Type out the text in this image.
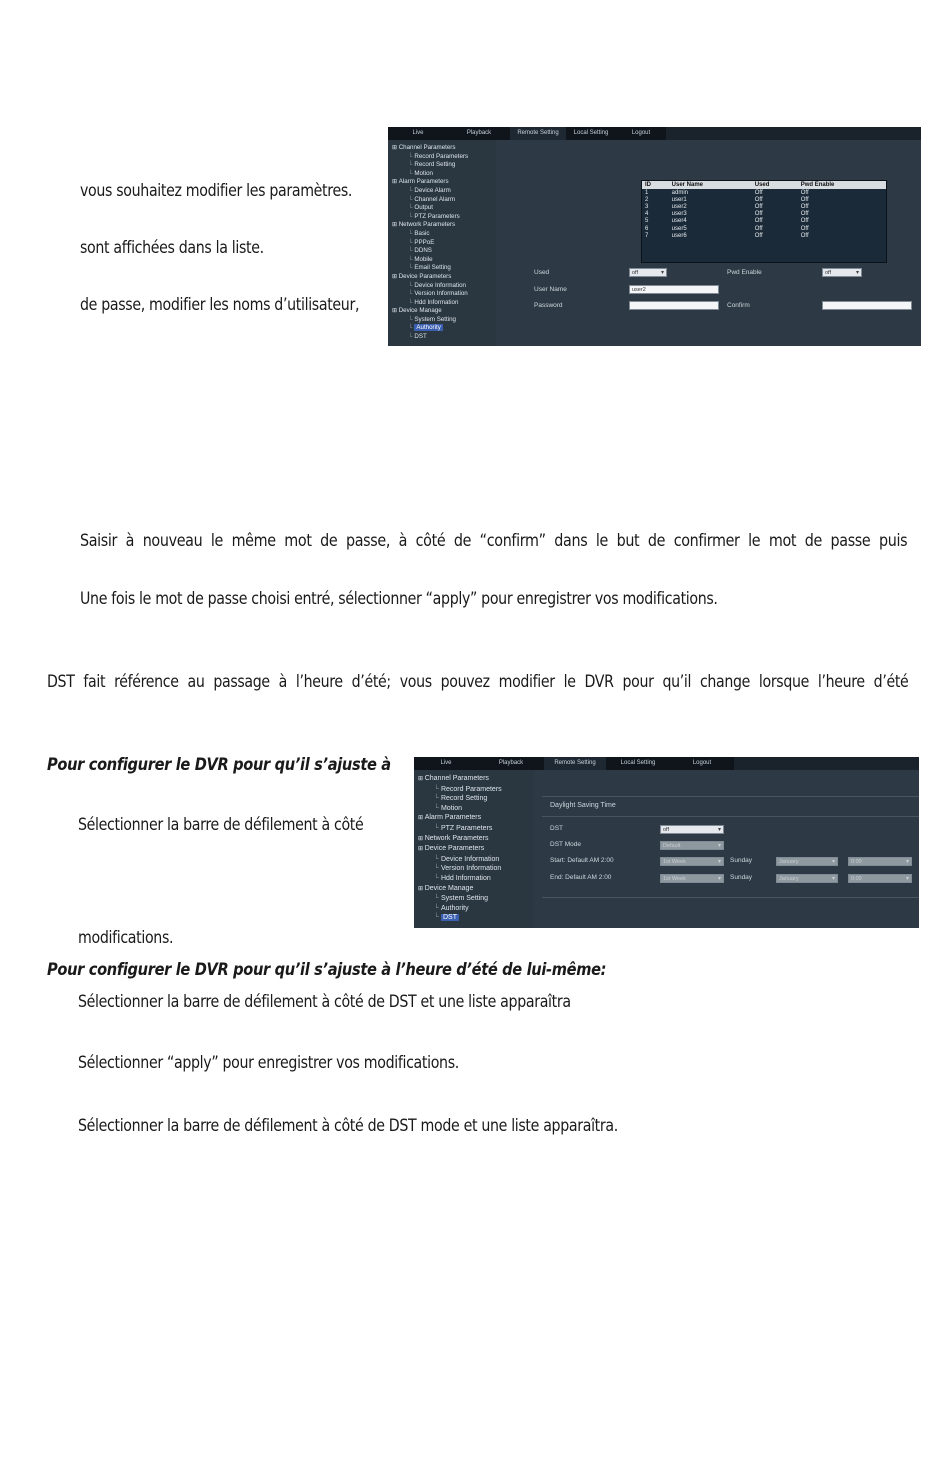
vous souhaitez modifier les paramètres.
sont affichées dans la liste.
de passe, modifier les noms d’utilisateur,
Live	Playback	Remote Setting	Local Setting	Logout
⊞ Channel Parameters
└ Record Parameters
└ Record Setting
└ Motion
⊞ Alarm Parameters
└ Device Alarm
└ Channel Alarm
└ Output
└ PTZ Parameters
⊞ Network Parameters
└ Basic
└ PPPoE
└ DDNS
└ Mobile
└ Email Setting
⊞ Device Parameters
└ Device Information
└ Version Information
└ Hdd Information
⊞ Device Manage
└ System Setting
└ Authority
└ DST
ID	User Name	Used	Pwd Enable
1	admin	Off	Off
2	user1	Off	Off
3	user2	Off	Off
4	user3	Off	Off
5	user4	Off	Off
6	user5	Off	Off
7	user6	Off	Off
Used	off ▾	Pwd Enable	off ▾
User Name	user2
Password	Confirm
Saisir à nouveau le même mot de passe, à côté de “confirm” dans le but de confirmer le mot de passe puis
Une fois le mot de passe choisi entré, sélectionner “apply” pour enregistrer vos modifications.
DST fait référence au passage à l’heure d’été; vous pouvez modifier le DVR pour qu’il change lorsque l’heure d’été
Pour configurer le DVR pour qu’il s’ajuste à
Sélectionner la barre de défilement à côté
Live	Playback	Remote Setting	Local Setting	Logout
⊞ Channel Parameters
└ Record Parameters
└ Record Setting
└ Motion
⊞ Alarm Parameters
└ PTZ Parameters
⊞ Network Parameters
⊞ Device Parameters
└ Device Information
└ Version Information
└ Hdd Information
⊞ Device Manage
└ System Setting
└ Authority
└ DST
Daylight Saving Time
DST	off ▾
DST Mode	Default ▾
Start: Default AM 2:00	1st Week ▾	Sunday	January ▾	0:00 ▾
End: Default AM 2:00	1st Week ▾	Sunday	January ▾	0:00 ▾
modifications.
Pour configurer le DVR pour qu’il s’ajuste à l’heure d’été de lui-même:
Sélectionner la barre de défilement à côté de DST et une liste apparaîtra
Sélectionner “apply” pour enregistrer vos modifications.
Sélectionner la barre de défilement à côté de DST mode et une liste apparaîtra.
